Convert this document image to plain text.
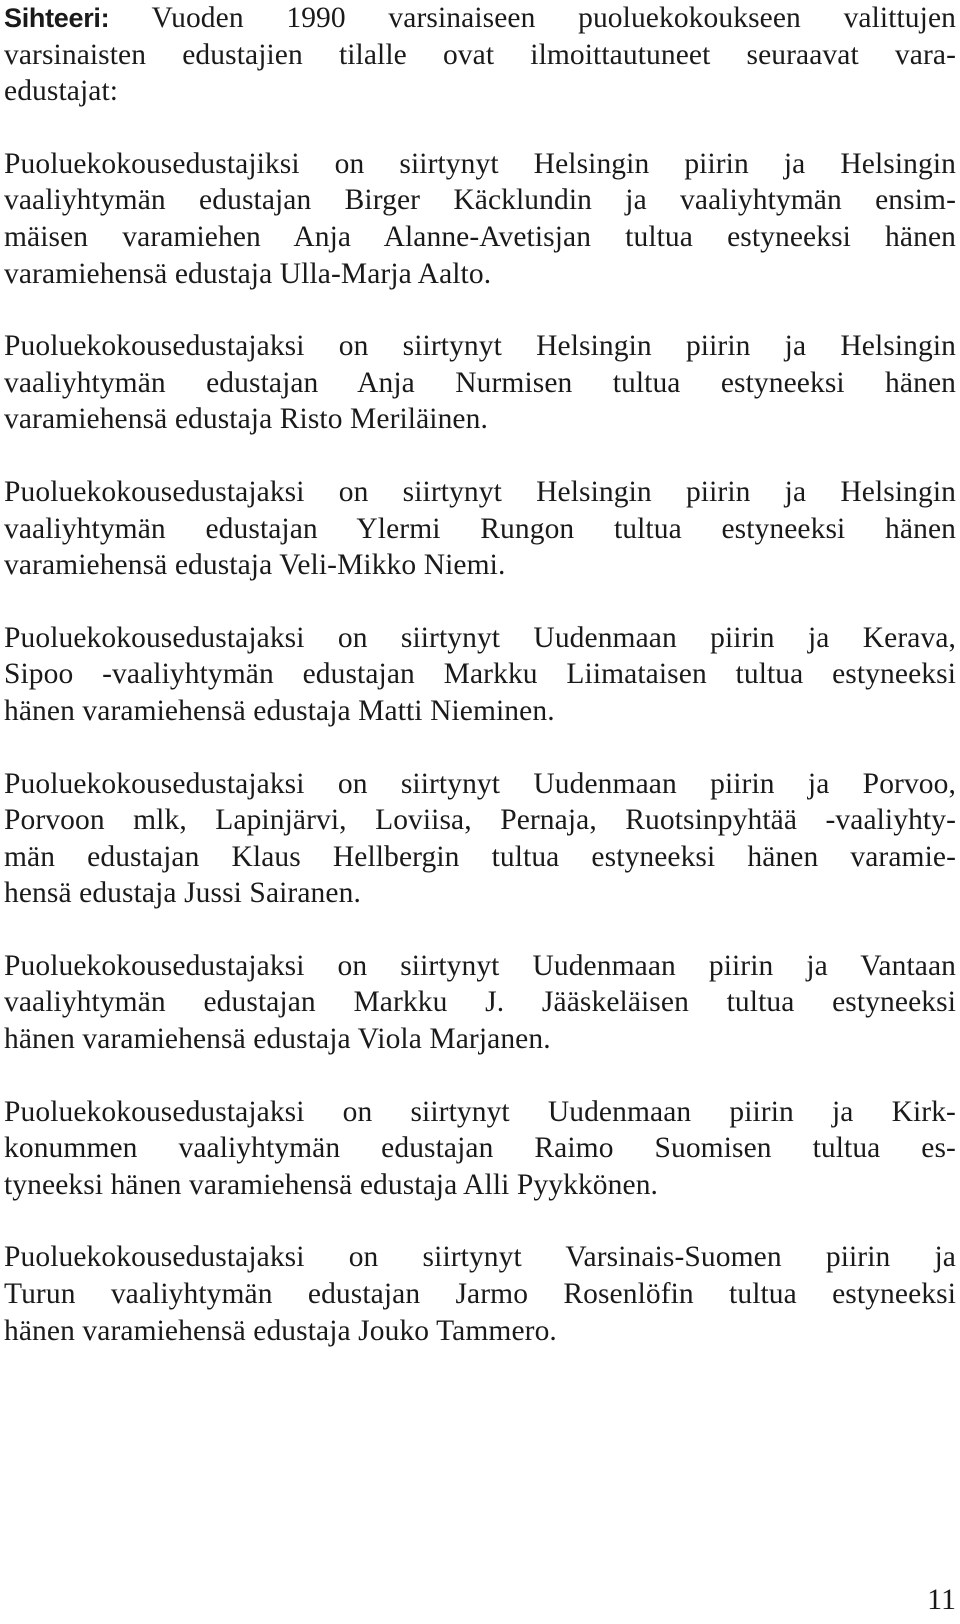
Sihteeri: Vuoden 1990 varsinaiseen puoluekokoukseen valittujen
varsinaisten edustajien tilalle ovat ilmoittautuneet seuraavat vara-
edustajat:

Puoluekokousedustajiksi on siirtynyt Helsingin piirin ja Helsingin
vaaliyhtymän edustajan Birger Käcklundin ja vaaliyhtymän ensim-
mäisen varamiehen Anja Alanne-Avetisjan tultua estyneeksi hänen
varamiehensä edustaja Ulla-Marja Aalto.

Puoluekokousedustajaksi on siirtynyt Helsingin piirin ja Helsingin
vaaliyhtymän edustajan Anja Nurmisen tultua estyneeksi hänen
varamiehensä edustaja Risto Meriläinen.

Puoluekokousedustajaksi on siirtynyt Helsingin piirin ja Helsingin
vaaliyhtymän edustajan Ylermi Rungon tultua estyneeksi hänen
varamiehensä edustaja Veli-Mikko Niemi.

Puoluekokousedustajaksi on siirtynyt Uudenmaan piirin ja Kerava,
Sipoo -vaaliyhtymän edustajan Markku Liimataisen tultua estyneeksi
hänen varamiehensä edustaja Matti Nieminen.

Puoluekokousedustajaksi on siirtynyt Uudenmaan piirin ja Porvoo,
Porvoon mlk, Lapinjärvi, Loviisa, Pernaja, Ruotsinpyhtää -vaaliyhty-
män edustajan Klaus Hellbergin tultua estyneeksi hänen varamie-
hensä edustaja Jussi Sairanen.

Puoluekokousedustajaksi on siirtynyt Uudenmaan piirin ja Vantaan
vaaliyhtymän edustajan Markku J. Jääskeläisen tultua estyneeksi
hänen varamiehensä edustaja Viola Marjanen.

Puoluekokousedustajaksi on siirtynyt Uudenmaan piirin ja Kirk-
konummen vaaliyhtymän edustajan Raimo Suomisen tultua es-
tyneeksi hänen varamiehensä edustaja Alli Pyykkönen.

Puoluekokousedustajaksi on siirtynyt Varsinais-Suomen piirin ja
Turun vaaliyhtymän edustajan Jarmo Rosenlöfin tultua estyneeksi
hänen varamiehensä edustaja Jouko Tammero.

11
